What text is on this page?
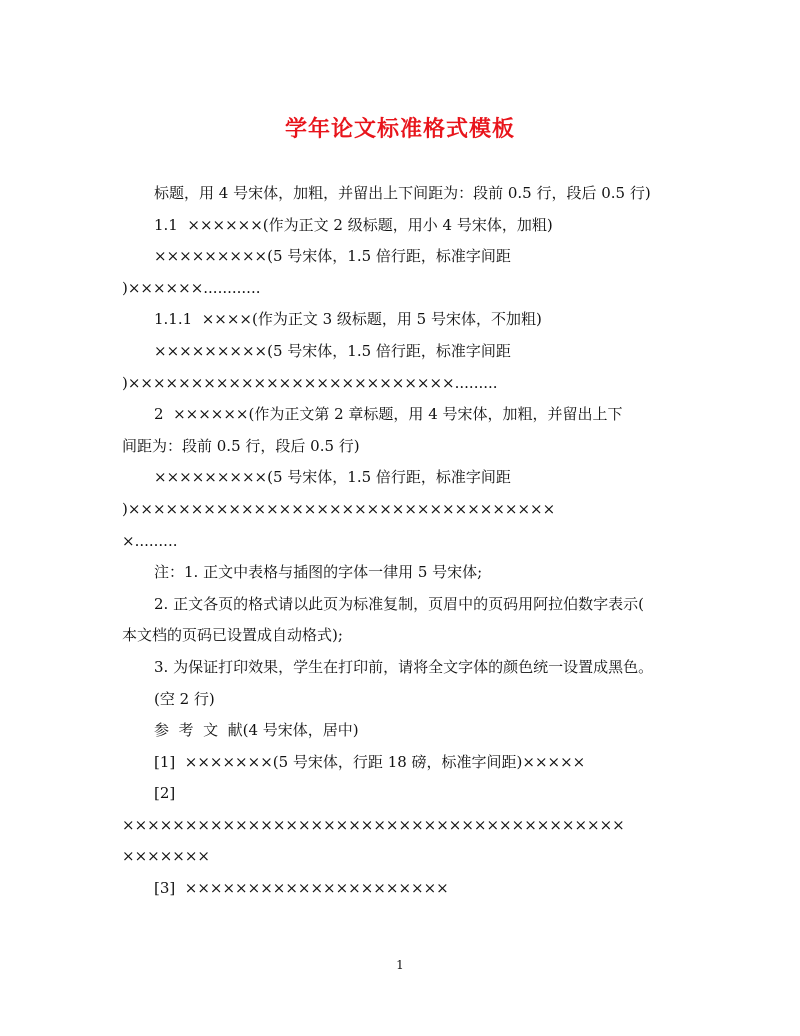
学年论文标准格式模板

标题，用 4 号宋体，加粗，并留出上下间距为：段前 0.5 行，段后 0.5 行)

1.1  ××××××(作为正文 2 级标题，用小 4 号宋体，加粗)

×××××××××(5 号宋体，1.5 倍行距，标准字间距

)××××××............

1.1.1  ××××(作为正文 3 级标题，用 5 号宋体，不加粗)

×××××××××(5 号宋体，1.5 倍行距，标准字间距

)××××××××××××××××××××××××××.........

2  ××××××(作为正文第 2 章标题，用 4 号宋体，加粗，并留出上下

间距为：段前 0.5 行，段后 0.5 行)

×××××××××(5 号宋体，1.5 倍行距，标准字间距

)××××××××××××××××××××××××××××××××××

×.........

注：1. 正文中表格与插图的字体一律用 5 号宋体;

2. 正文各页的格式请以此页为标准复制，页眉中的页码用阿拉伯数字表示(

本文档的页码已设置成自动格式);

3. 为保证打印效果，学生在打印前，请将全文字体的颜色统一设置成黑色。

(空 2 行)

参  考  文  献(4 号宋体，居中)

[1]  ×××××××(5 号宋体，行距 18 磅，标准字间距)×××××

[2]

××××××××××××××××××××××××××××××××××××××××

×××××××

[3]  ×××××××××××××××××××××

1
